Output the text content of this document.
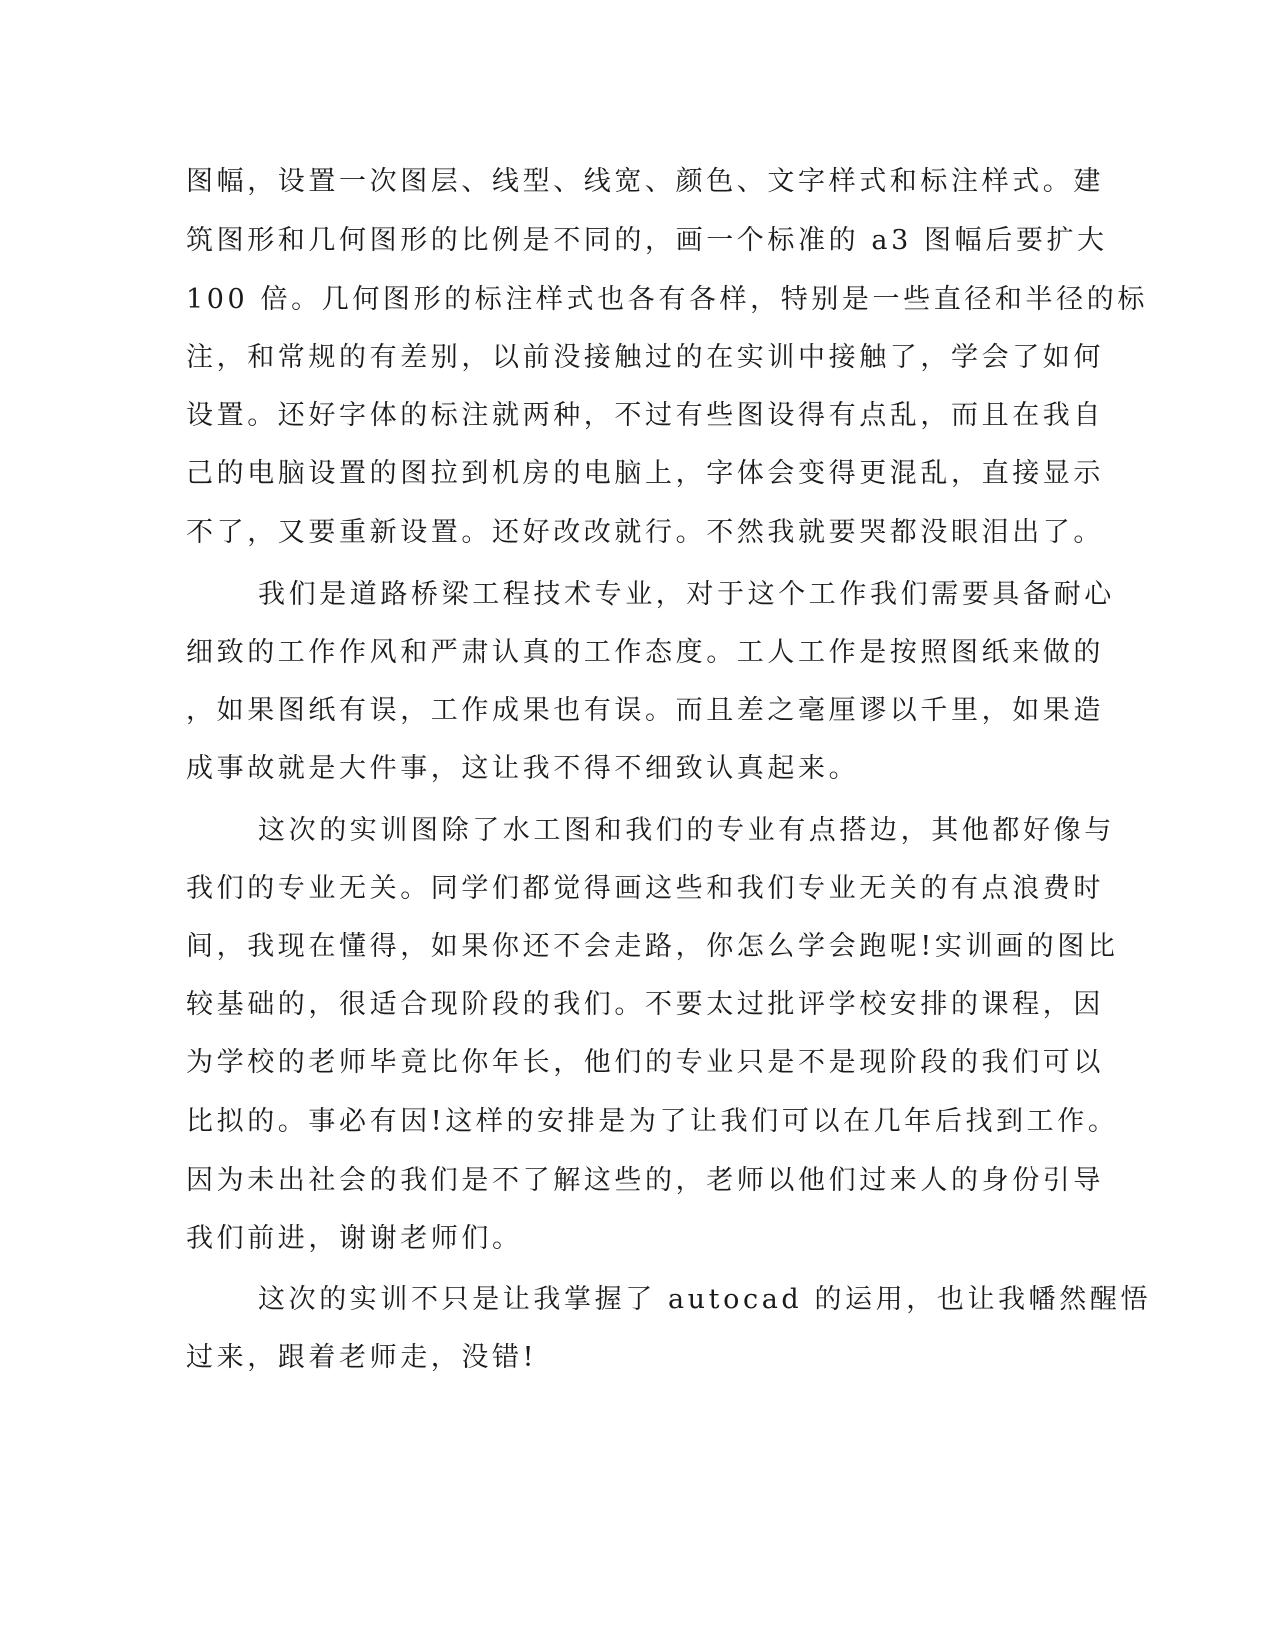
图幅，设置一次图层、线型、线宽、颜色、文字样式和标注样式。建
筑图形和几何图形的比例是不同的，画一个标准的 a3 图幅后要扩大
100 倍。几何图形的标注样式也各有各样，特别是一些直径和半径的标
注，和常规的有差别，以前没接触过的在实训中接触了，学会了如何
设置。还好字体的标注就两种，不过有些图设得有点乱，而且在我自
己的电脑设置的图拉到机房的电脑上，字体会变得更混乱，直接显示
不了，又要重新设置。还好改改就行。不然我就要哭都没眼泪出了。
我们是道路桥梁工程技术专业，对于这个工作我们需要具备耐心
细致的工作作风和严肃认真的工作态度。工人工作是按照图纸来做的
，如果图纸有误，工作成果也有误。而且差之毫厘谬以千里，如果造
成事故就是大件事，这让我不得不细致认真起来。
这次的实训图除了水工图和我们的专业有点搭边，其他都好像与
我们的专业无关。同学们都觉得画这些和我们专业无关的有点浪费时
间，我现在懂得，如果你还不会走路，你怎么学会跑呢!实训画的图比
较基础的，很适合现阶段的我们。不要太过批评学校安排的课程，因
为学校的老师毕竟比你年长，他们的专业只是不是现阶段的我们可以
比拟的。事必有因!这样的安排是为了让我们可以在几年后找到工作。
因为未出社会的我们是不了解这些的，老师以他们过来人的身份引导
我们前进，谢谢老师们。
这次的实训不只是让我掌握了 autocad 的运用，也让我幡然醒悟
过来，跟着老师走，没错!
